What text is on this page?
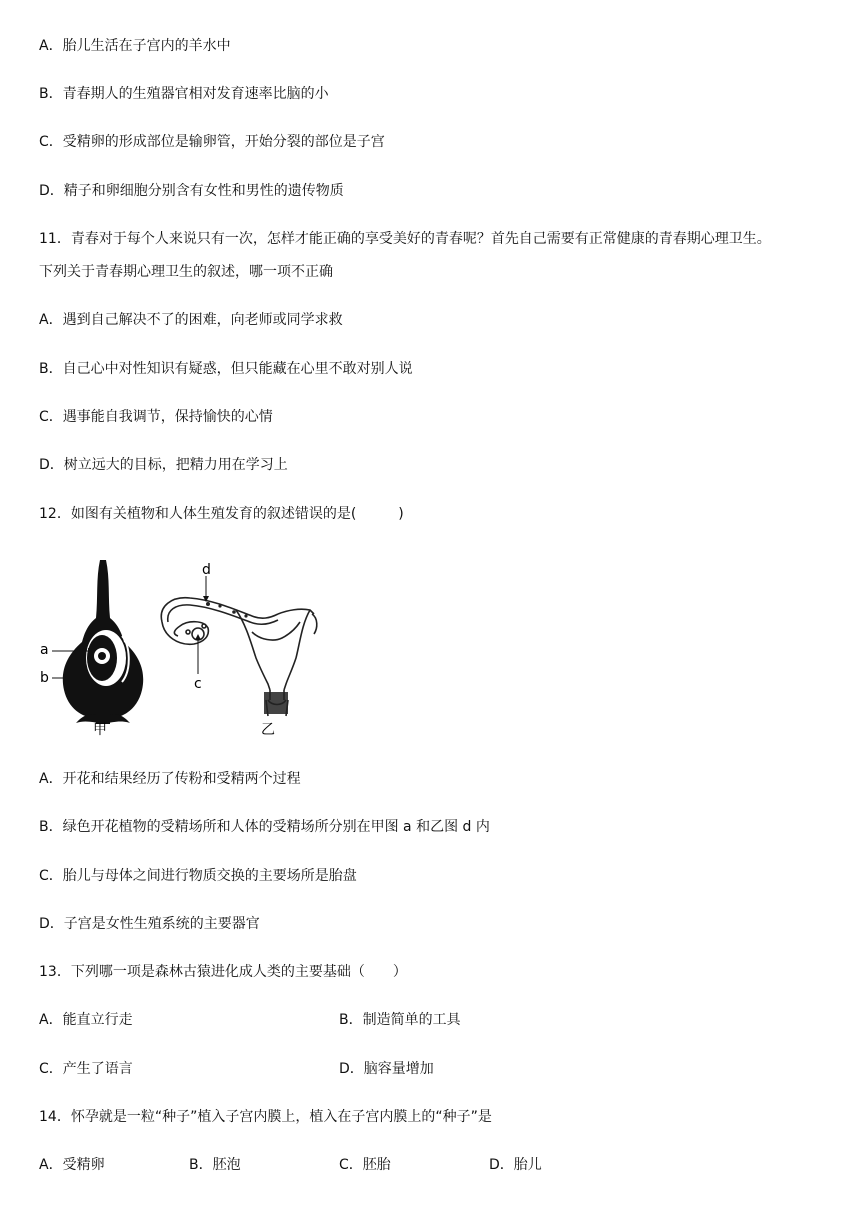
A．胎儿生活在子宫内的羊水中
B．青春期人的生殖器官相对发育速率比脑的小
C．受精卵的形成部位是输卵管，开始分裂的部位是子宫
D．精子和卵细胞分别含有女性和男性的遗传物质
11．青春对于每个人来说只有一次，怎样才能正确的享受美好的青春呢？首先自己需要有正常健康的青春期心理卫生。
下列关于青春期心理卫生的叙述，哪一项不正确
A．遇到自己解决不了的困难，向老师或同学求救
B．自己心中对性知识有疑惑，但只能藏在心里不敢对别人说
C．遇事能自我调节，保持愉快的心情
D．树立远大的目标，把精力用在学习上
12．如图有关植物和人体生殖发育的叙述错误的是(　　　)
a
b
甲
d
c
乙
A．开花和结果经历了传粉和受精两个过程
B．绿色开花植物的受精场所和人体的受精场所分别在甲图 a 和乙图 d 内
C．胎儿与母体之间进行物质交换的主要场所是胎盘
D．子宫是女性生殖系统的主要器官
13．下列哪一项是森林古猿进化成人类的主要基础（　　）
A．能直立行走	B．制造简单的工具
C．产生了语言	D．脑容量增加
14．怀孕就是一粒“种子”植入子宫内膜上，植入在子宫内膜上的“种子”是
A．受精卵	B．胚泡	C．胚胎	D．胎儿
